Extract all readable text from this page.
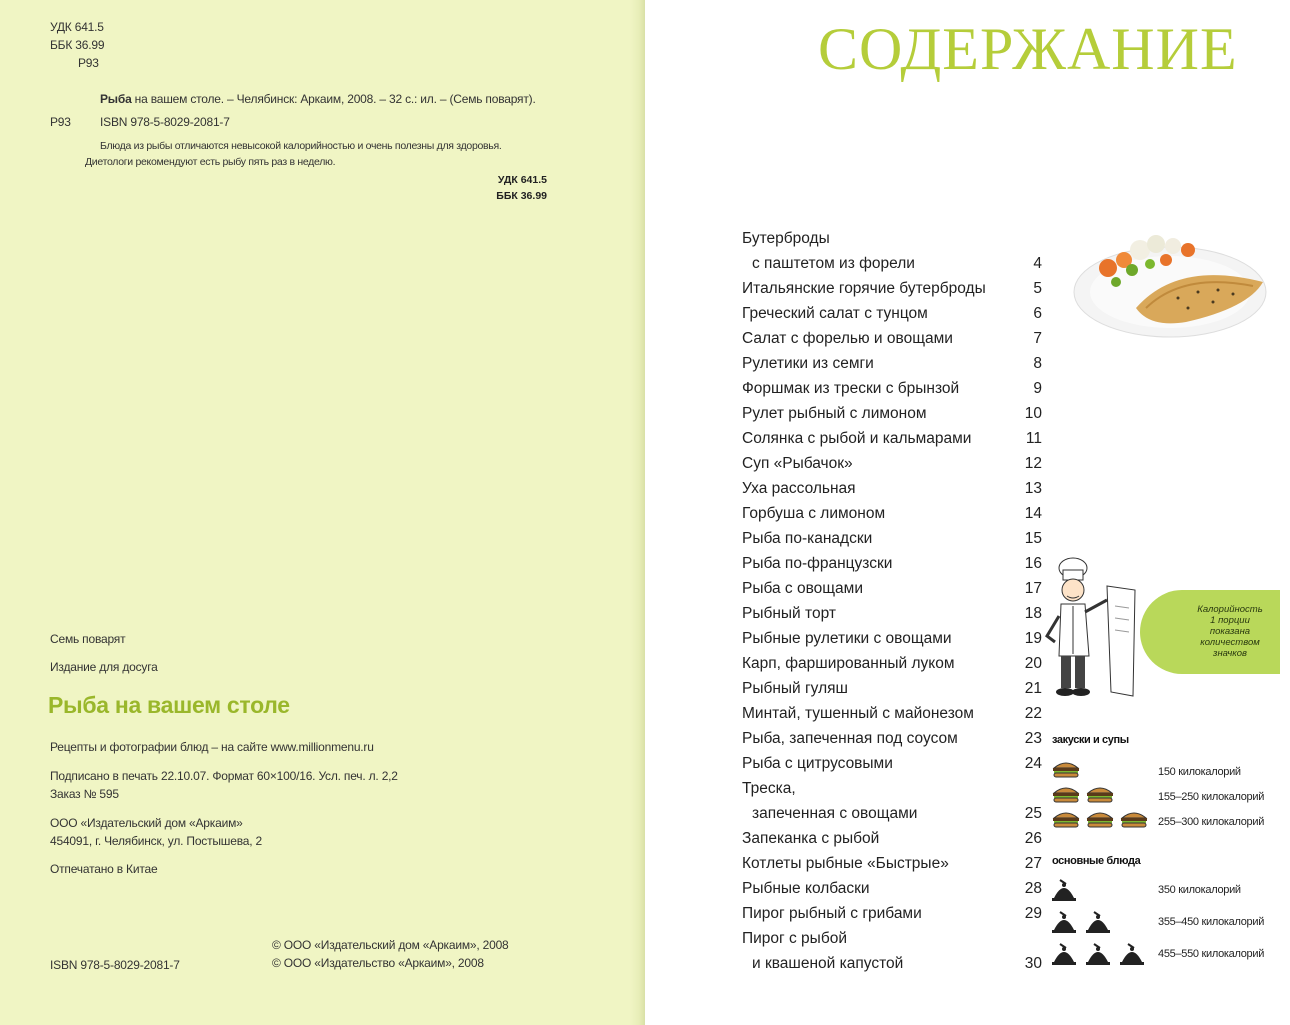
УДК 641.5
ББК 36.99
Р93
Рыба на вашем столе. – Челябинск: Аркаим, 2008. – 32 с.: ил. – (Семь поварят).
Р93 ISBN 978-5-8029-2081-7
Блюда из рыбы отличаются невысокой калорийностью и очень полезны для здоровья.
Диетологи рекомендуют есть рыбу пять раз в неделю.
УДК 641.5
ББК 36.99
Семь поварят
Издание для досуга
Рыба на вашем столе
Рецепты и фотографии блюд – на сайте www.millionmenu.ru
Подписано в печать 22.10.07. Формат 60×100/16. Усл. печ. л. 2,2
Заказ № 595
ООО «Издательский дом «Аркаим»
454091, г. Челябинск, ул. Постышева, 2
Отпечатано в Китае
ISBN 978-5-8029-2081-7
© ООО «Издательский дом «Аркаим», 2008
© ООО «Издательство «Аркаим», 2008
СОДЕРЖАНИЕ
Бутерброды
с паштетом из форели	4
Итальянские горячие бутерброды	5
Греческий салат с тунцом	6
Салат с форелью и овощами	7
Рулетики из семги	8
Форшмак из трески с брынзой	9
Рулет рыбный с лимоном	10
Солянка с рыбой и кальмарами	11
Суп «Рыбачок»	12
Уха рассольная	13
Горбуша с лимоном	14
Рыба по-канадски	15
Рыба по-французски	16
Рыба с овощами	17
Рыбный торт	18
Рыбные рулетики с овощами	19
Карп, фаршированный луком	20
Рыбный гуляш	21
Минтай, тушенный с майонезом	22
Рыба, запеченная под соусом	23
Рыба с цитрусовыми	24
Треска,
запеченная с овощами	25
Запеканка с рыбой	26
Котлеты рыбные «Быстрые»	27
Рыбные колбаски	28
Пирог рыбный с грибами	29
Пирог с рыбой
и квашеной капустой	30
Калорийность
1 порции
показана
количеством
значков
закуски и супы
150 килокалорий
155–250 килокалорий
255–300 килокалорий
основные блюда
350 килокалорий
355–450 килокалорий
455–550 килокалорий
